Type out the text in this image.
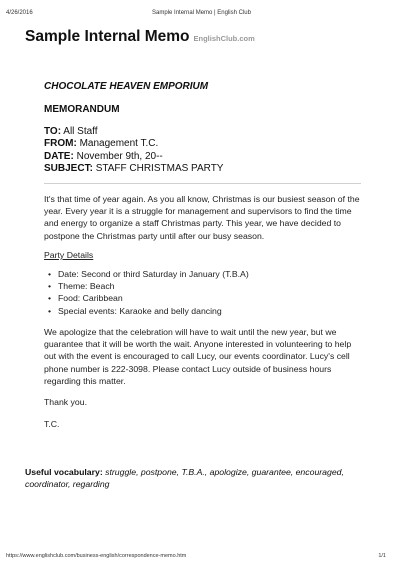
4/26/2016	Sample Internal Memo | English Club
Sample Internal Memo EnglishClub.com
CHOCOLATE HEAVEN EMPORIUM
MEMORANDUM
TO: All Staff
FROM: Management T.C.
DATE: November 9th, 20--
SUBJECT: STAFF CHRISTMAS PARTY

It's that time of year again. As you all know, Christmas is our busiest season of the year. Every year it is a struggle for management and supervisors to find the time and energy to organize a staff Christmas party. This year, we have decided to postpone the Christmas party until after our busy season.

Party Details
• Date: Second or third Saturday in January (T.B.A)
• Theme: Beach
• Food: Caribbean
• Special events: Karaoke and belly dancing

We apologize that the celebration will have to wait until the new year, but we guarantee that it will be worth the wait. Anyone interested in volunteering to help out with the event is encouraged to call Lucy, our events coordinator. Lucy's cell phone number is 222-3098. Please contact Lucy outside of business hours regarding this matter.

Thank you.
T.C.
Useful vocabulary: struggle, postpone, T.B.A., apologize, guarantee, encouraged, coordinator, regarding
https://www.englishclub.com/business-english/correspondence-memo.htm	1/1
